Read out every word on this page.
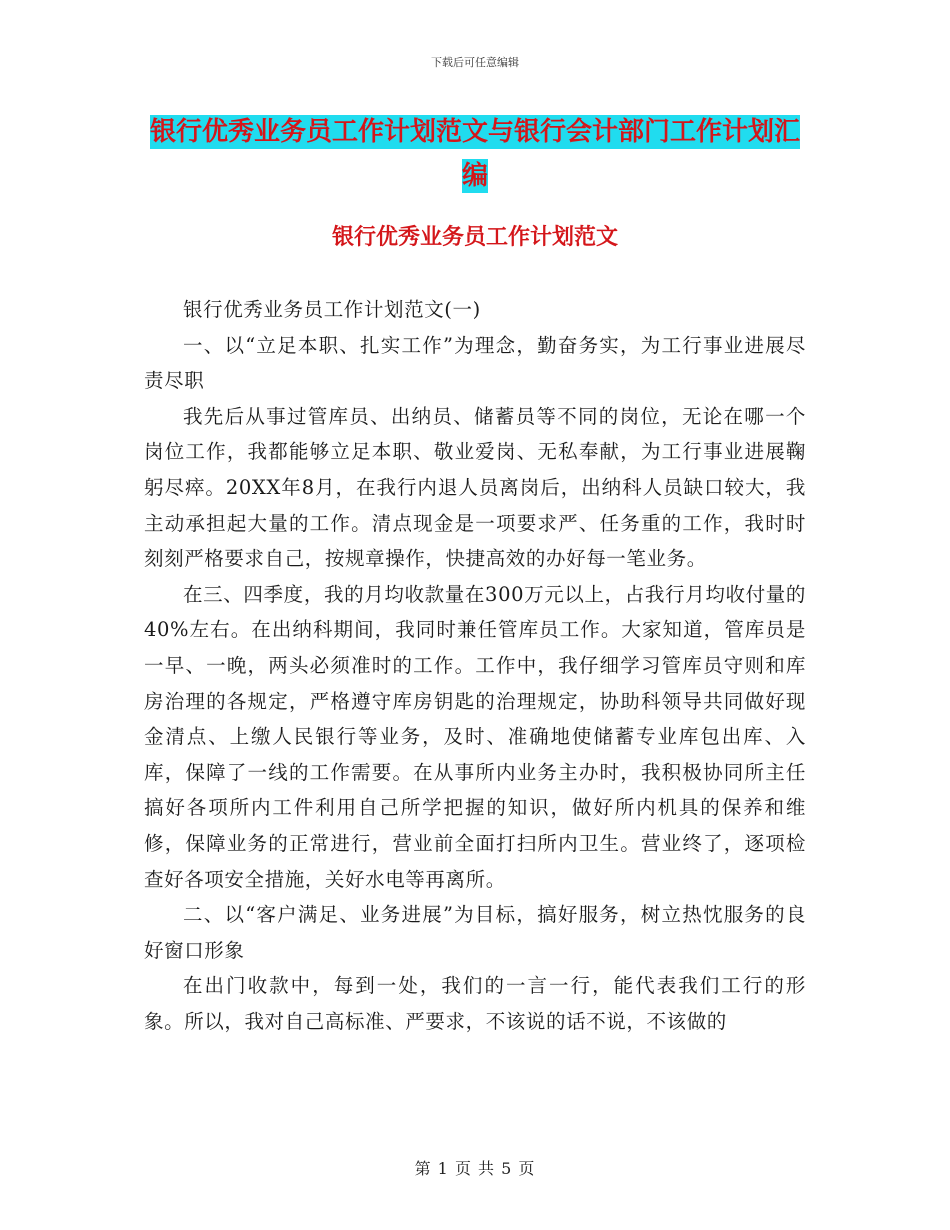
下载后可任意编辑
银行优秀业务员工作计划范文与银行会计部门工作计划汇编
银行优秀业务员工作计划范文

银行优秀业务员工作计划范文(一)

一、以“立足本职、扎实工作”为理念，勤奋务实，为工行事业进展尽责尽职

我先后从事过管库员、出纳员、储蓄员等不同的岗位，无论在哪一个岗位工作，我都能够立足本职、敬业爱岗、无私奉献，为工行事业进展鞠躬尽瘁。20XX年8月，在我行内退人员离岗后，出纳科人员缺口较大，我主动承担起大量的工作。清点现金是一项要求严、任务重的工作，我时时刻刻严格要求自己，按规章操作，快捷高效的办好每一笔业务。

在三、四季度，我的月均收款量在300万元以上，占我行月均收付量的40%左右。在出纳科期间，我同时兼任管库员工作。大家知道，管库员是一早、一晚，两头必须准时的工作。工作中，我仔细学习管库员守则和库房治理的各规定，严格遵守库房钥匙的治理规定，协助科领导共同做好现金清点、上缴人民银行等业务，及时、准确地使储蓄专业库包出库、入库，保障了一线的工作需要。在从事所内业务主办时，我积极协同所主任搞好各项所内工件利用自己所学把握的知识，做好所内机具的保养和维修，保障业务的正常进行，营业前全面打扫所内卫生。营业终了，逐项检查好各项安全措施，关好水电等再离所。

二、以“客户满足、业务进展”为目标，搞好服务，树立热忱服务的良好窗口形象

在出门收款中，每到一处，我们的一言一行，能代表我们工行的形象。所以，我对自己高标准、严要求，不该说的话不说，不该做的

第 1 页 共 5 页
